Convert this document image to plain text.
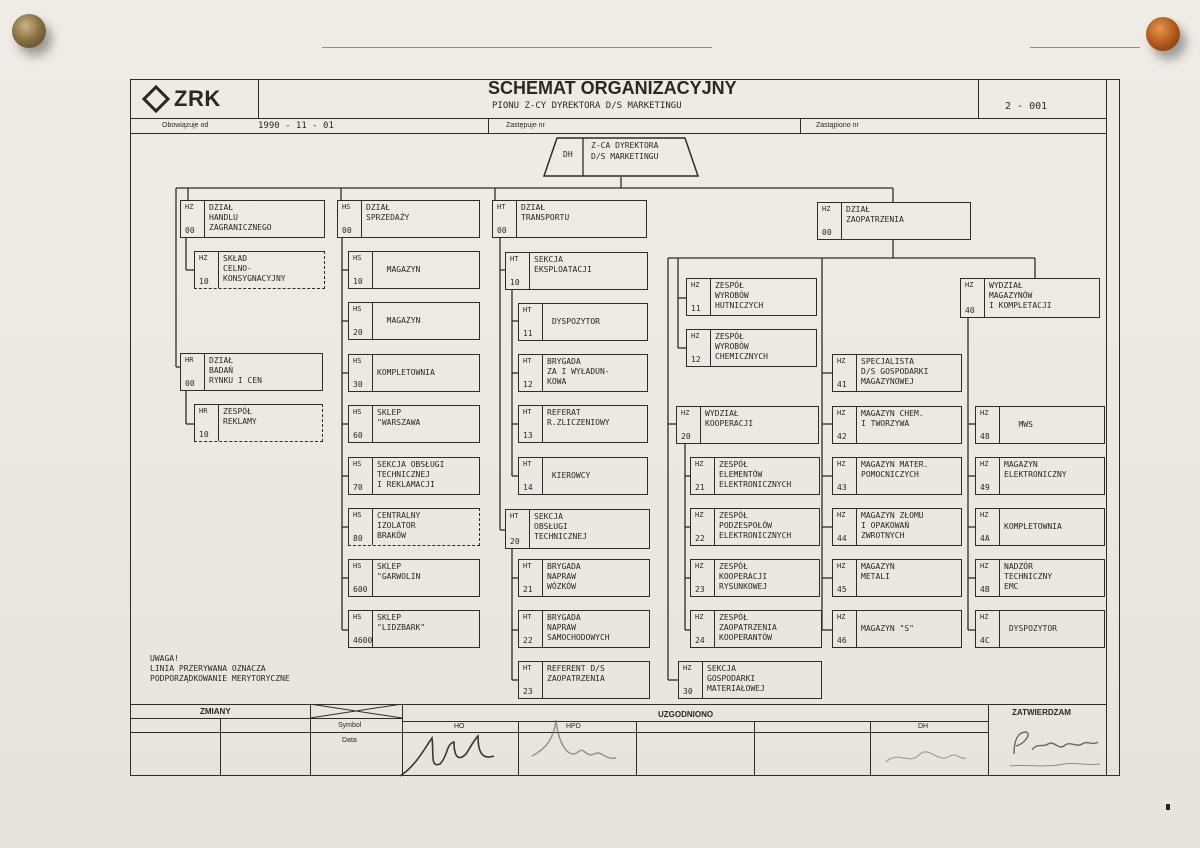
ZRK	SCHEMAT ORGANIZACYJNY
PIONU Z-CY DYREKTORA D/S MARKETINGU	2 - 001
Obowiązuje od	1990 - 11 - 01	Zastępuje nr	Zastąpiono nr
DH
Z-CA DYREKTORA
D/S MARKETINGU
HZ
00
DZIAŁ
HANDLU
ZAGRANICZNEGO
HZ
10
SKŁAD
CELNO-
KONSYGNACYJNY
HR
00
DZIAŁ
BADAŃ
RYNKU I CEN
HR
10
ZESPÓŁ
REKLAMY
HS
00
DZIAŁ
SPRZEDAŻY
HS
10
MAGAZYN
HS
20
MAGAZYN
HS
30
KOMPLETOWNIA
HS
60
SKLEP
"WARSZAWA
HS
70
SEKCJA OBSŁUGI
TECHNICZNEJ
I REKLAMACJI
HS
80
CENTRALNY
IZOLATOR
BRAKÓW
HS
600
SKLEP
"GARWOLIN
HS
4600
SKLEP
"LIDZBARK"
HT
00
DZIAŁ
TRANSPORTU
HT
10
SEKCJA
EKSPLOATACJI
HT
11
DYSPOZYTOR
HT
12
BRYGADA
ZA I WYŁADUN-
KOWA
HT
13
REFERAT
R.ZLICZENIOWY
HT
14
KIEROWCY
HT
20
SEKCJA
OBSŁUGI
TECHNICZNEJ
HT
21
BRYGADA
NAPRAW
WÓZKÓW
HT
22
BRYGADA
NAPRAW
SAMOCHODOWYCH
HT
23
REFERENT D/S
ZAOPATRZENIA
HZ
00
DZIAŁ
ZAOPATRZENIA
HZ
11
ZESPÓŁ
WYROBÓW
HUTNICZYCH
HZ
12
ZESPÓŁ
WYROBÓW
CHEMICZNYCH
HZ
20
WYDZIAŁ
KOOPERACJI
HZ
21
ZESPÓŁ
ELEMENTÓW
ELEKTRONICZNYCH
HZ
22
ZESPÓŁ
PODZESPOŁÓW
ELEKTRONICZNYCH
HZ
23
ZESPÓŁ
KOOPERACJI
RYSUNKOWEJ
HZ
24
ZESPÓŁ
ZAOPATRZENIA
KOOPERANTÓW
HZ
30
SEKCJA
GOSPODARKI
MATERIAŁOWEJ
HZ
41
SPECJALISTA
D/S GOSPODARKI
MAGAZYNOWEJ
HZ
42
MAGAZYN CHEM.
I TWORZYWA
HZ
43
MAGAZYN MATER.
POMOCNICZYCH
HZ
44
MAGAZYN ZŁOMU
I OPAKOWAŃ
ZWROTNYCH
HZ
45
MAGAZYN
METALI
HZ
46
MAGAZYN "S"
HZ
40
WYDZIAŁ
MAGAZYNÓW
I KOMPLETACJI
HZ
48
MWS
HZ
49
MAGAZYN
ELEKTRONICZNY
HZ
4A
KOMPLETOWNIA
HZ
4B
NADZÓR
TECHNICZNY
EMC
HZ
4C
DYSPOZYTOR
UWAGA!
LINIA PRZERYWANA OZNACZA
PODPORZĄDKOWANIE MERYTORYCZNE
ZMIANY
Symbol
Data
UZGODNIONO
HO	HPD	DH
ZATWIERDZAM
